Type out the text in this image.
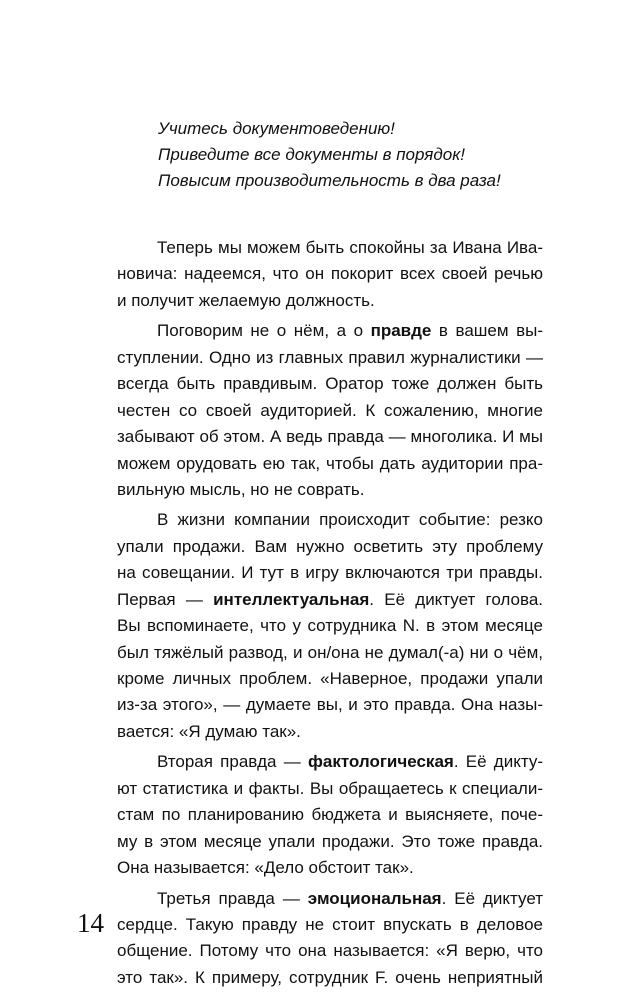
Учитесь документоведению!
Приведите все документы в порядок!
Повысим производительность в два раза!

Теперь мы можем быть спокойны за Ивана Ива-
новича: надеемся, что он покорит всех своей речью
и получит желаемую должность.

Поговорим не о нём, а о правде в вашем вы-
ступлении. Одно из главных правил журналистики —
всегда быть правдивым. Оратор тоже должен быть
честен со своей аудиторией. К сожалению, многие
забывают об этом. А ведь правда — многолика. И мы
можем орудовать ею так, чтобы дать аудитории пра-
вильную мысль, но не соврать.

В жизни компании происходит событие: резко
упали продажи. Вам нужно осветить эту проблему
на совещании. И тут в игру включаются три правды.
Первая — интеллектуальная. Её диктует голова.
Вы вспоминаете, что у сотрудника N. в этом месяце
был тяжёлый развод, и он/она не думал(-а) ни о чём,
кроме личных проблем. «Наверное, продажи упали
из-за этого», — думаете вы, и это правда. Она назы-
вается: «Я думаю так».

Вторая правда — фактологическая. Её дикту-
ют статистика и факты. Вы обращаетесь к специали-
стам по планированию бюджета и выясняете, поче-
му в этом месяце упали продажи. Это тоже правда.
Она называется: «Дело обстоит так».

Третья правда — эмоциональная. Её диктует
сердце. Такую правду не стоит впускать в деловое
общение. Потому что она называется: «Я верю, что
это так». К примеру, сотрудник F. очень неприятный

14
